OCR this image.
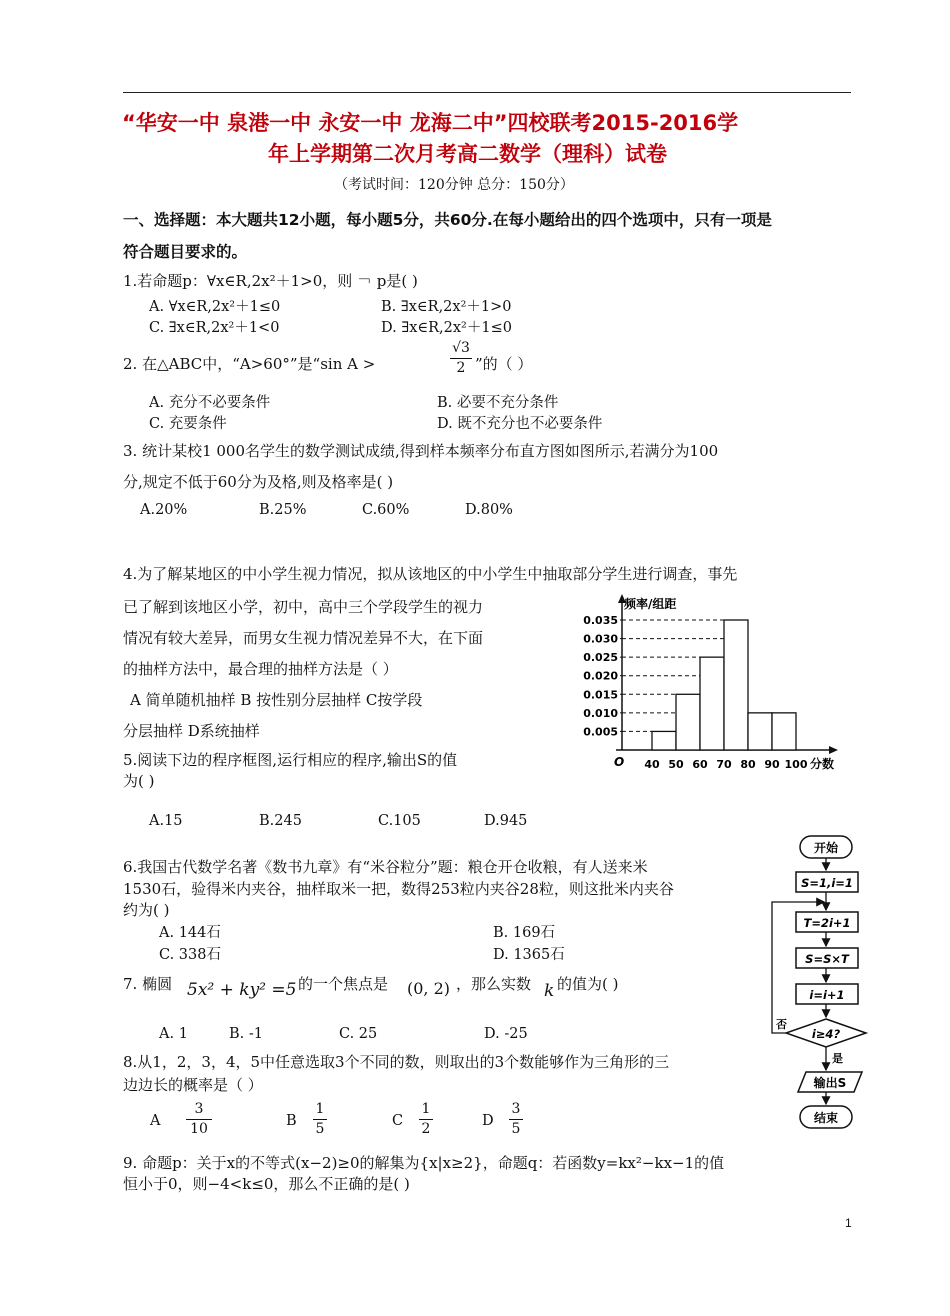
“华安一中 泉港一中 永安一中 龙海二中”四校联考2015-2016学
年上学期第二次月考高二数学（理科）试卷
（考试时间：120分钟 总分：150分）
一、选择题：本大题共12小题，每小题5分，共60分.在每小题给出的四个选项中，只有一项是
符合题目要求的。
1.若命题p：∀x∈R,2x²＋1>0，则 ￢ p是( )
A. ∀x∈R,2x²＋1≤0	B. ∃x∈R,2x²＋1>0
C. ∃x∈R,2x²＋1<0	D. ∃x∈R,2x²＋1≤0
2. 在△ABC中，“A>60°”是“sin A >
√3
2 ”的（ ）
A. 充分不必要条件	B. 必要不充分条件
C. 充要条件	D. 既不充分也不必要条件
3. 统计某校1 000名学生的数学测试成绩,得到样本频率分布直方图如图所示,若满分为100
分,规定不低于60分为及格,则及格率是( )
A.20%	B.25%	C.60%	D.80%
4.为了解某地区的中小学生视力情况，拟从该地区的中小学生中抽取部分学生进行调查，事先
已了解到该地区小学，初中，高中三个学段学生的视力
情况有较大差异，而男女生视力情况差异不大，在下面
的抽样方法中，最合理的抽样方法是（ ）
A 简单随机抽样 B 按性别分层抽样 C按学段
分层抽样 D系统抽样
5.阅读下边的程序框图,运行相应的程序,输出S的值
为( )
A.15	B.245	C.105	D.945
6.我国古代数学名著《数书九章》有“米谷粒分”题：粮仓开仓收粮，有人送来米
1530石，验得米内夹谷，抽样取米一把，数得253粒内夹谷28粒，则这批米内夹谷
约为( )
A. 144石	B. 169石
C. 338石	D. 1365石
7. 椭圆 5x² + ky² =5 的一个焦点是 (0, 2) ，那么实数 k 的值为( )
A. 1	B. -1	C. 25	D. -25
8.从1，2，3，4，5中任意选取3个不同的数，则取出的3个数能够作为三角形的三
边边长的概率是（ ）
A
3
10	B
1
5	C
1
2	D
3
5
9. 命题p：关于x的不等式(x−2)≥0的解集为{x|x≥2}，命题q：若函数y=kx²−kx−1的值
恒小于0，则−4<k≤0，那么不正确的是( )
1
O
频率/组距
分数
0.005
0.010
0.015
0.020
0.025
0.030
0.035
40 50 60 70 80 90 100
开始
S=1,i=1
T=2i+1
S=S×T
i=i+1
i≥4?
否
是
输出S
结束
